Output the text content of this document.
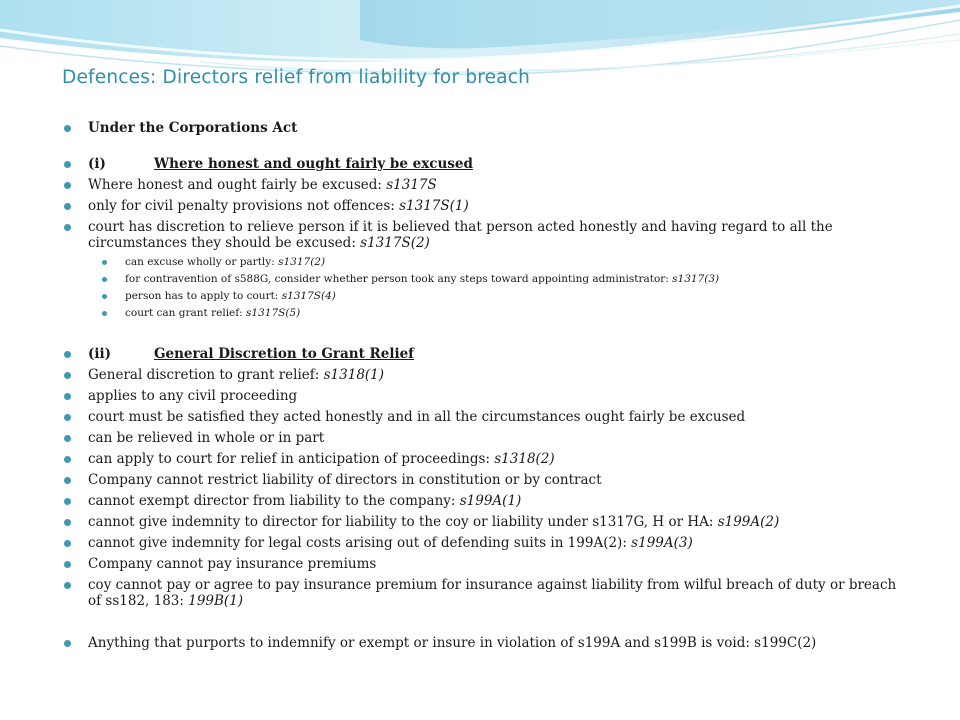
Defences: Directors relief from liability for breach
Under the Corporations Act
(i)	Where honest and ought fairly be excused
Where honest and ought fairly be excused: s1317S
only for civil penalty provisions not offences: s1317S(1)
court has discretion to relieve person if it is believed that person acted honestly and having regard to all the circumstances they should be excused: s1317S(2)
can excuse wholly or partly: s1317(2)
for contravention of s588G, consider whether person took any steps toward appointing administrator: s1317(3)
person has to apply to court: s1317S(4)
court can grant relief: s1317S(5)
(ii)	General Discretion to Grant Relief
General discretion to grant relief: s1318(1)
applies to any civil proceeding
court must be satisfied they acted honestly and in all the circumstances ought fairly be excused
can be relieved in whole or in part
can apply to court for relief in anticipation of proceedings: s1318(2)
Company cannot restrict liability of directors in constitution or by contract
cannot exempt director from liability to the company: s199A(1)
cannot give indemnity to director for liability to the coy or liability under s1317G, H or HA: s199A(2)
cannot give indemnity for legal costs arising out of defending suits in 199A(2): s199A(3)
Company cannot pay insurance premiums
coy cannot pay or agree to pay insurance premium for insurance against liability from wilful breach of duty or breach of ss182, 183: 199B(1)
Anything that purports to indemnify or exempt or insure in violation of s199A and s199B is void: s199C(2)
